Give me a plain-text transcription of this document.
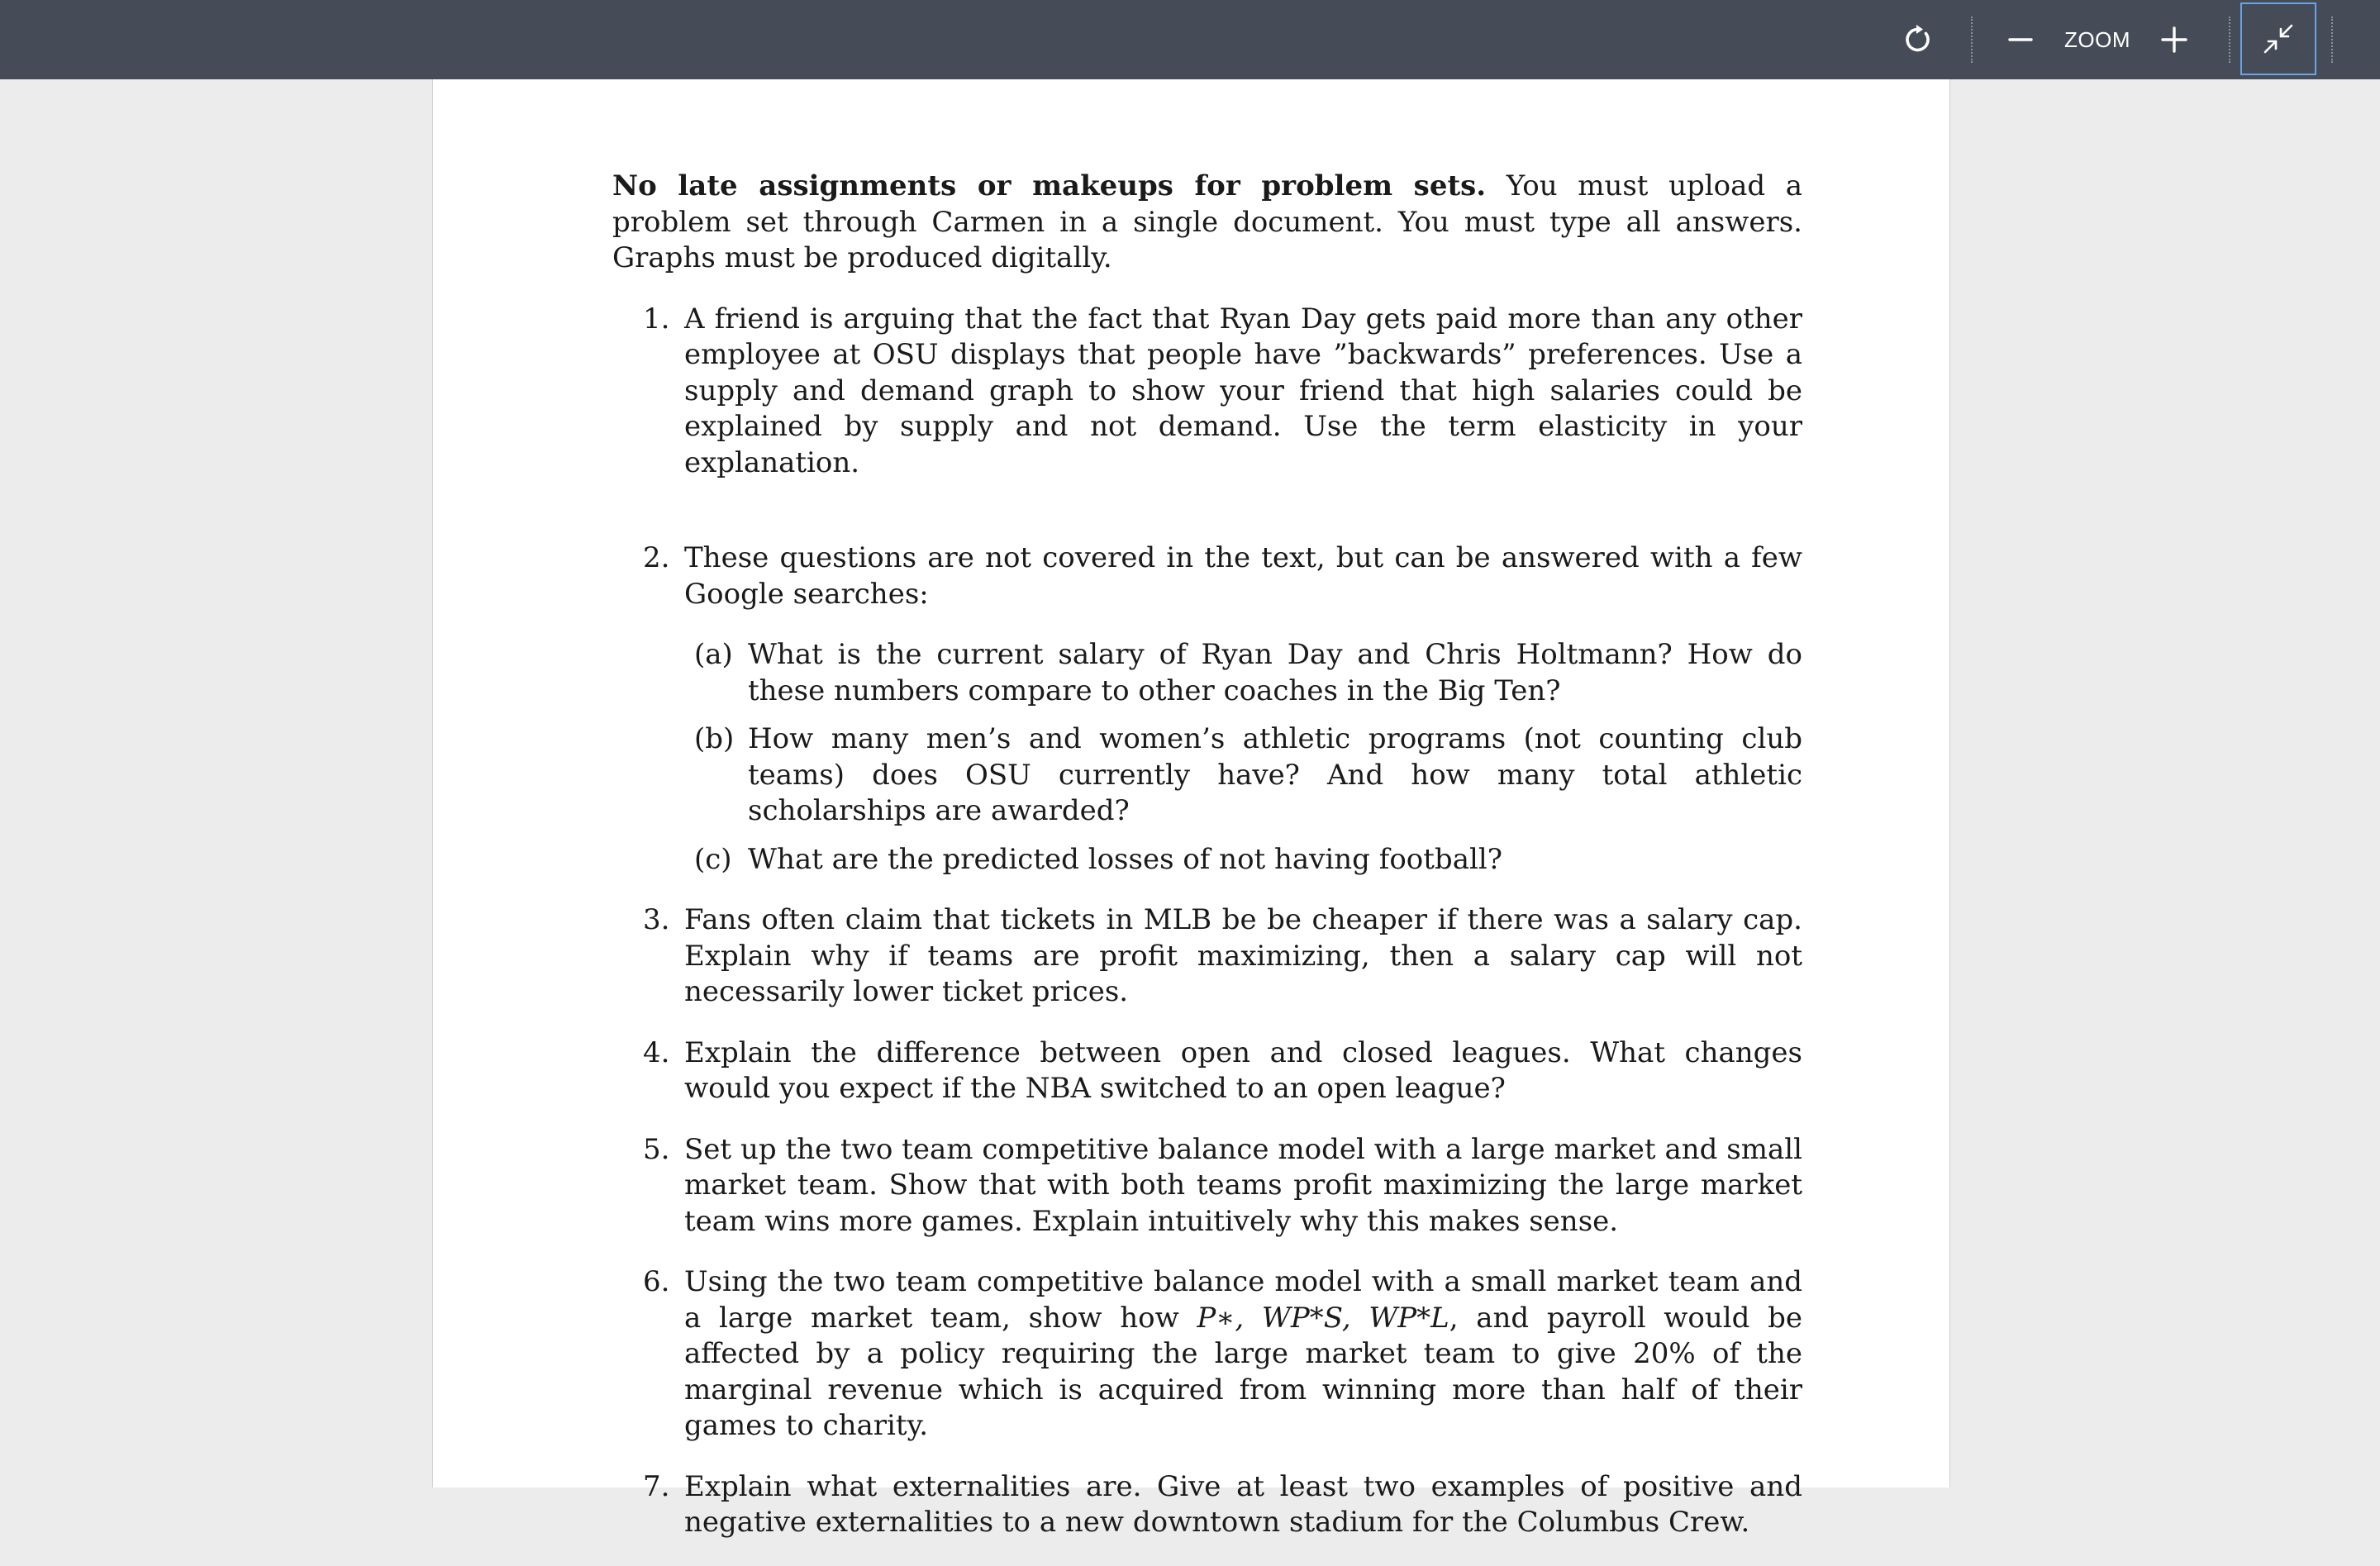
ZOOM

No late assignments or makeups for problem sets. You must upload a problem set through Carmen in a single document. You must type all answers. Graphs must be produced digitally.

1. A friend is arguing that the fact that Ryan Day gets paid more than any other employee at OSU displays that people have ”backwards” preferences. Use a supply and demand graph to show your friend that high salaries could be explained by supply and not demand. Use the term elasticity in your explanation.
2. These questions are not covered in the text, but can be answered with a few Google searches:
(a) What is the current salary of Ryan Day and Chris Holtmann? How do these numbers compare to other coaches in the Big Ten?
(b) How many men’s and women’s athletic programs (not counting club teams) does OSU currently have? And how many total athletic scholarships are awarded?
(c) What are the predicted losses of not having football?
3. Fans often claim that tickets in MLB be be cheaper if there was a salary cap. Explain why if teams are profit maximizing, then a salary cap will not necessarily lower ticket prices.
4. Explain the difference between open and closed leagues. What changes would you expect if the NBA switched to an open league?
5. Set up the two team competitive balance model with a large market and small market team. Show that with both teams profit maximizing the large market team wins more games. Explain intuitively why this makes sense.
6. Using the two team competitive balance model with a small market team and a large market team, show how P∗, WP*S, WP*L, and payroll would be affected by a policy requiring the large market team to give 20% of the marginal revenue which is acquired from winning more than half of their games to charity.
7. Explain what externalities are. Give at least two examples of positive and negative externalities to a new downtown stadium for the Columbus Crew.
